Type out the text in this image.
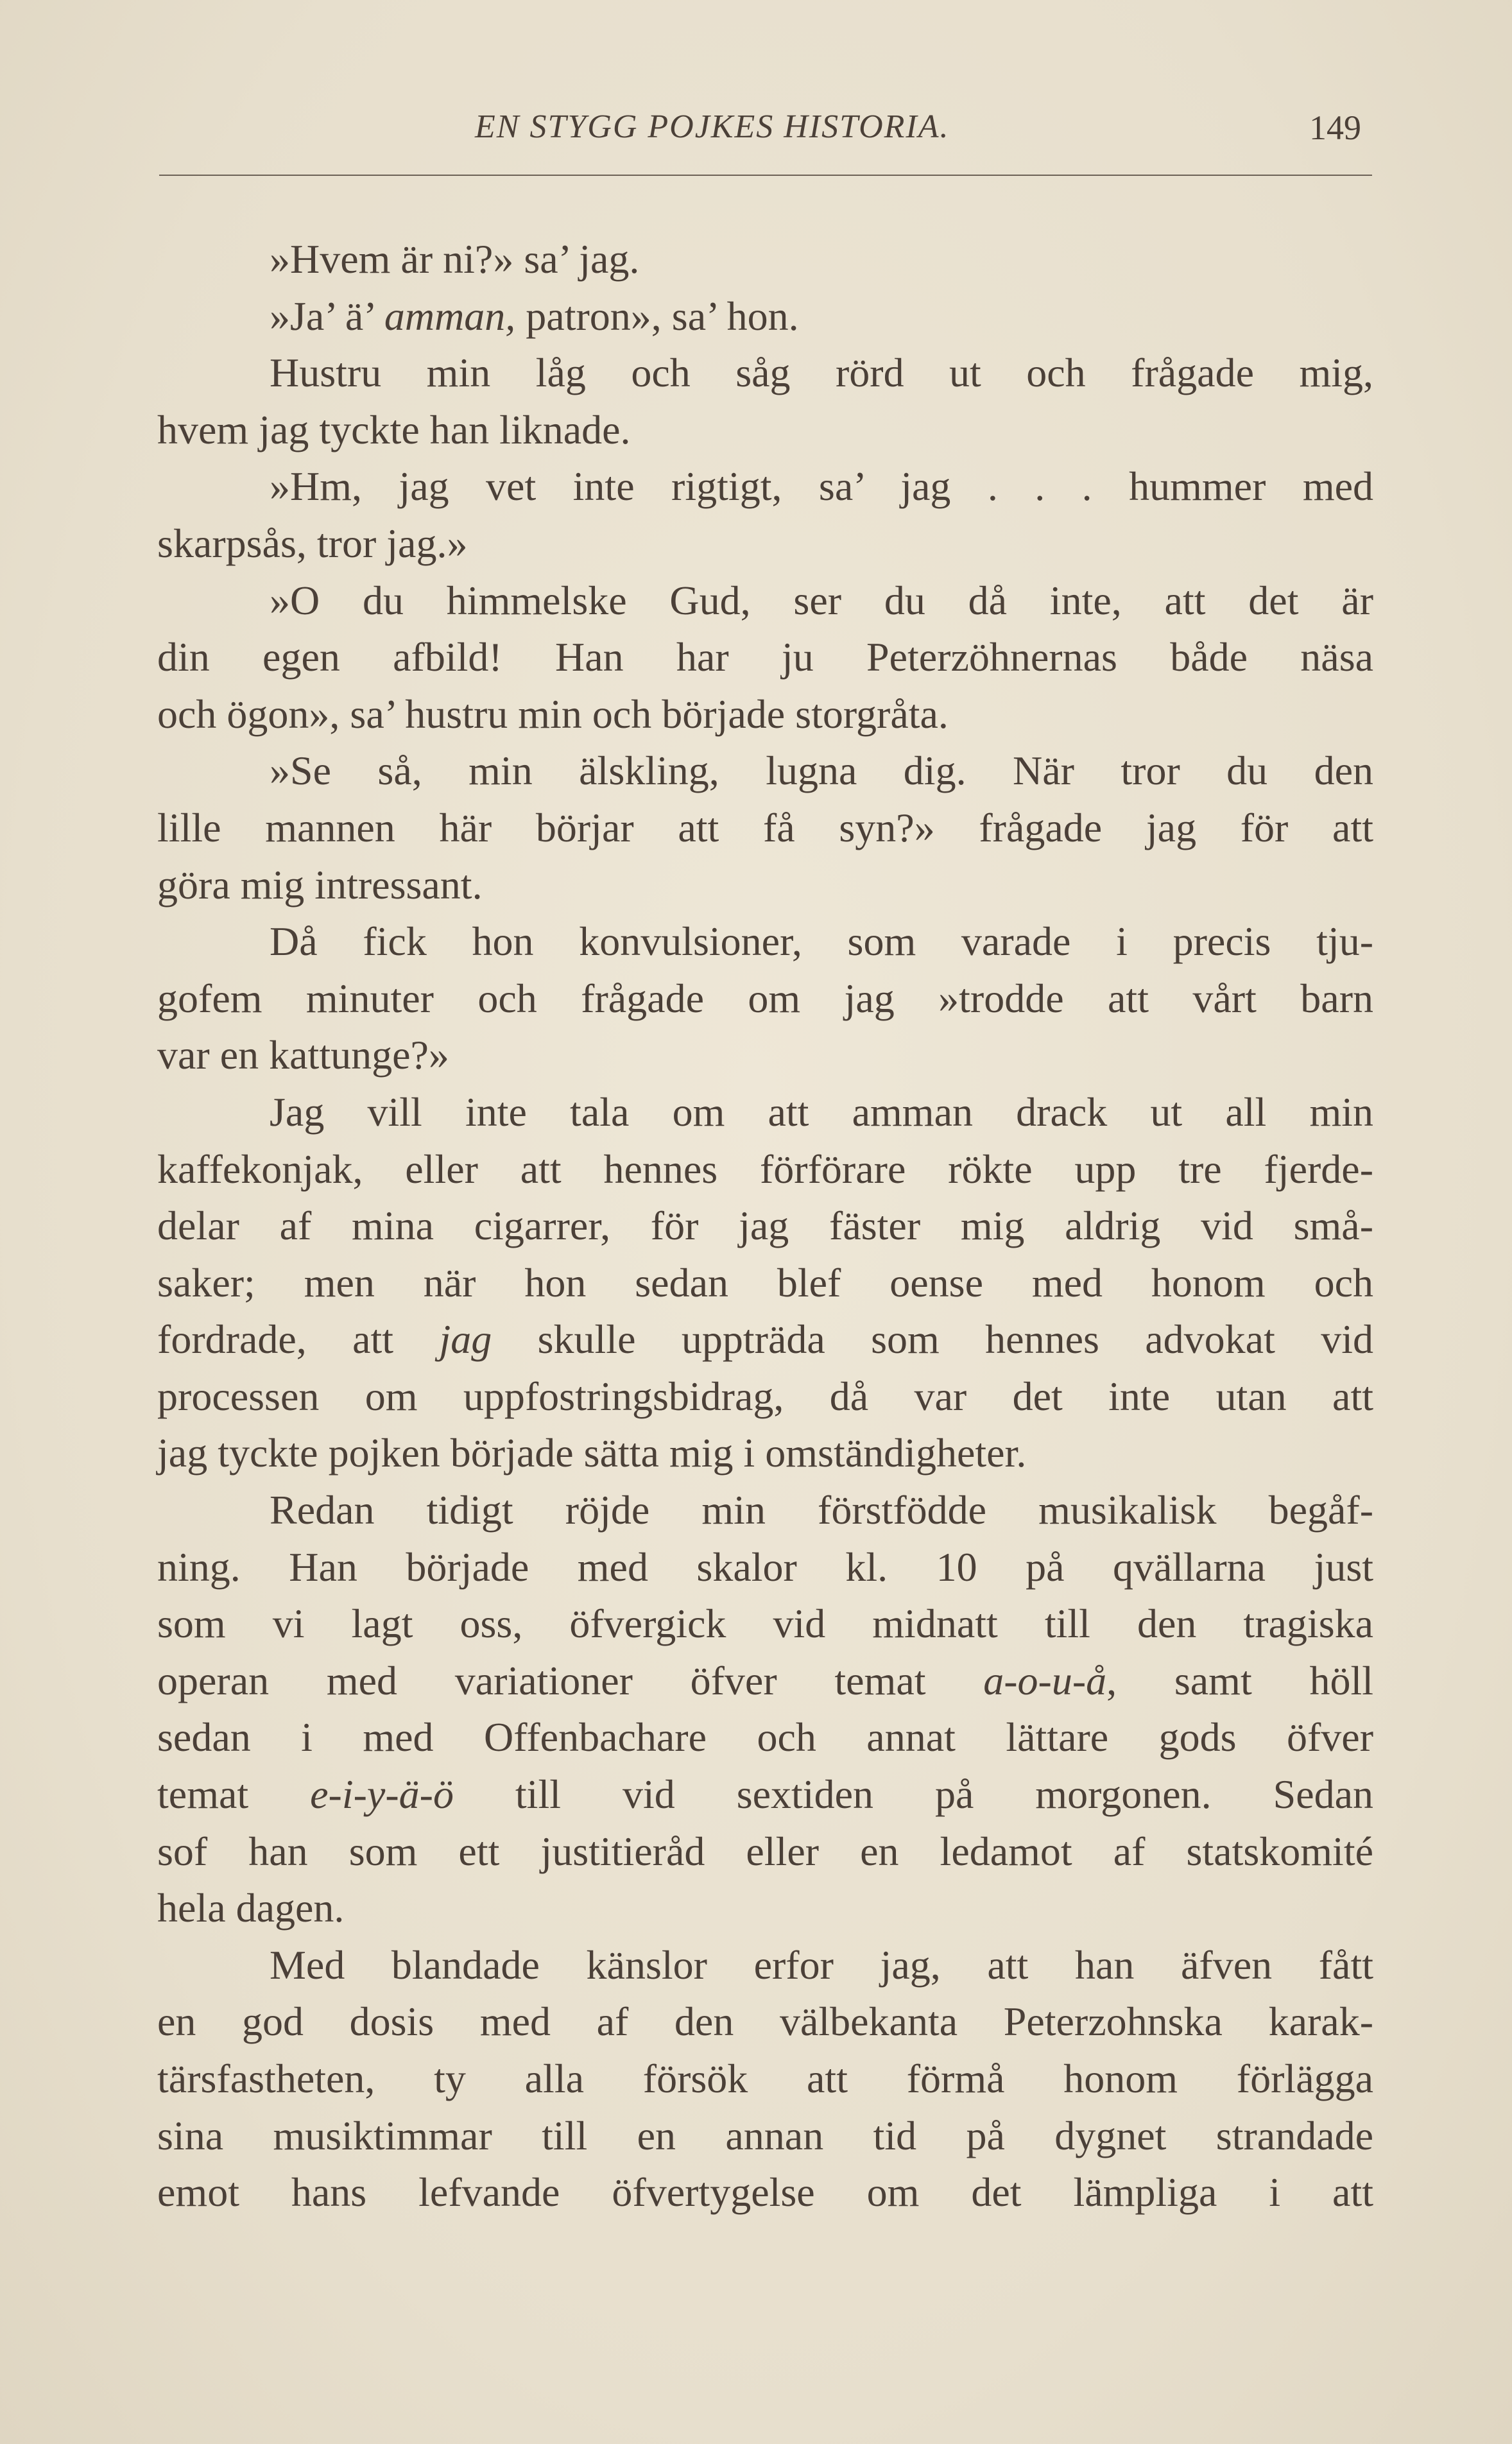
EN STYGG POJKES HISTORIA.	149
»Hvem är ni?» sa’ jag.
»Ja’ ä’ amman, patron», sa’ hon.
Hustru min låg och såg rörd ut och frågade mig,
hvem jag tyckte han liknade.
»Hm, jag vet inte rigtigt, sa’ jag . . . hummer med
skarpsås, tror jag.»
»O du himmelske Gud, ser du då inte, att det är
din egen afbild! Han har ju Peterzöhnernas både näsa
och ögon», sa’ hustru min och började storgråta.
»Se så, min älskling, lugna dig. När tror du den
lille mannen här börjar att få syn?» frågade jag för att
göra mig intressant.
Då fick hon konvulsioner, som varade i precis tju-
gofem minuter och frågade om jag »trodde att vårt barn
var en kattunge?»
Jag vill inte tala om att amman drack ut all min
kaffekonjak, eller att hennes förförare rökte upp tre fjerde-
delar af mina cigarrer, för jag fäster mig aldrig vid små-
saker; men när hon sedan blef oense med honom och
fordrade, att jag skulle uppträda som hennes advokat vid
processen om uppfostringsbidrag, då var det inte utan att
jag tyckte pojken började sätta mig i omständigheter.
Redan tidigt röjde min förstfödde musikalisk begåf-
ning. Han började med skalor kl. 10 på qvällarna just
som vi lagt oss, öfvergick vid midnatt till den tragiska
operan med variationer öfver temat a-o-u-å, samt höll
sedan i med Offenbachare och annat lättare gods öfver
temat e-i-y-ä-ö till vid sextiden på morgonen. Sedan
sof han som ett justitieråd eller en ledamot af statskomité
hela dagen.
Med blandade känslor erfor jag, att han äfven fått
en god dosis med af den välbekanta Peterzohnska karak-
tärsfastheten, ty alla försök att förmå honom förlägga
sina musiktimmar till en annan tid på dygnet strandade
emot hans lefvande öfvertygelse om det lämpliga i att
